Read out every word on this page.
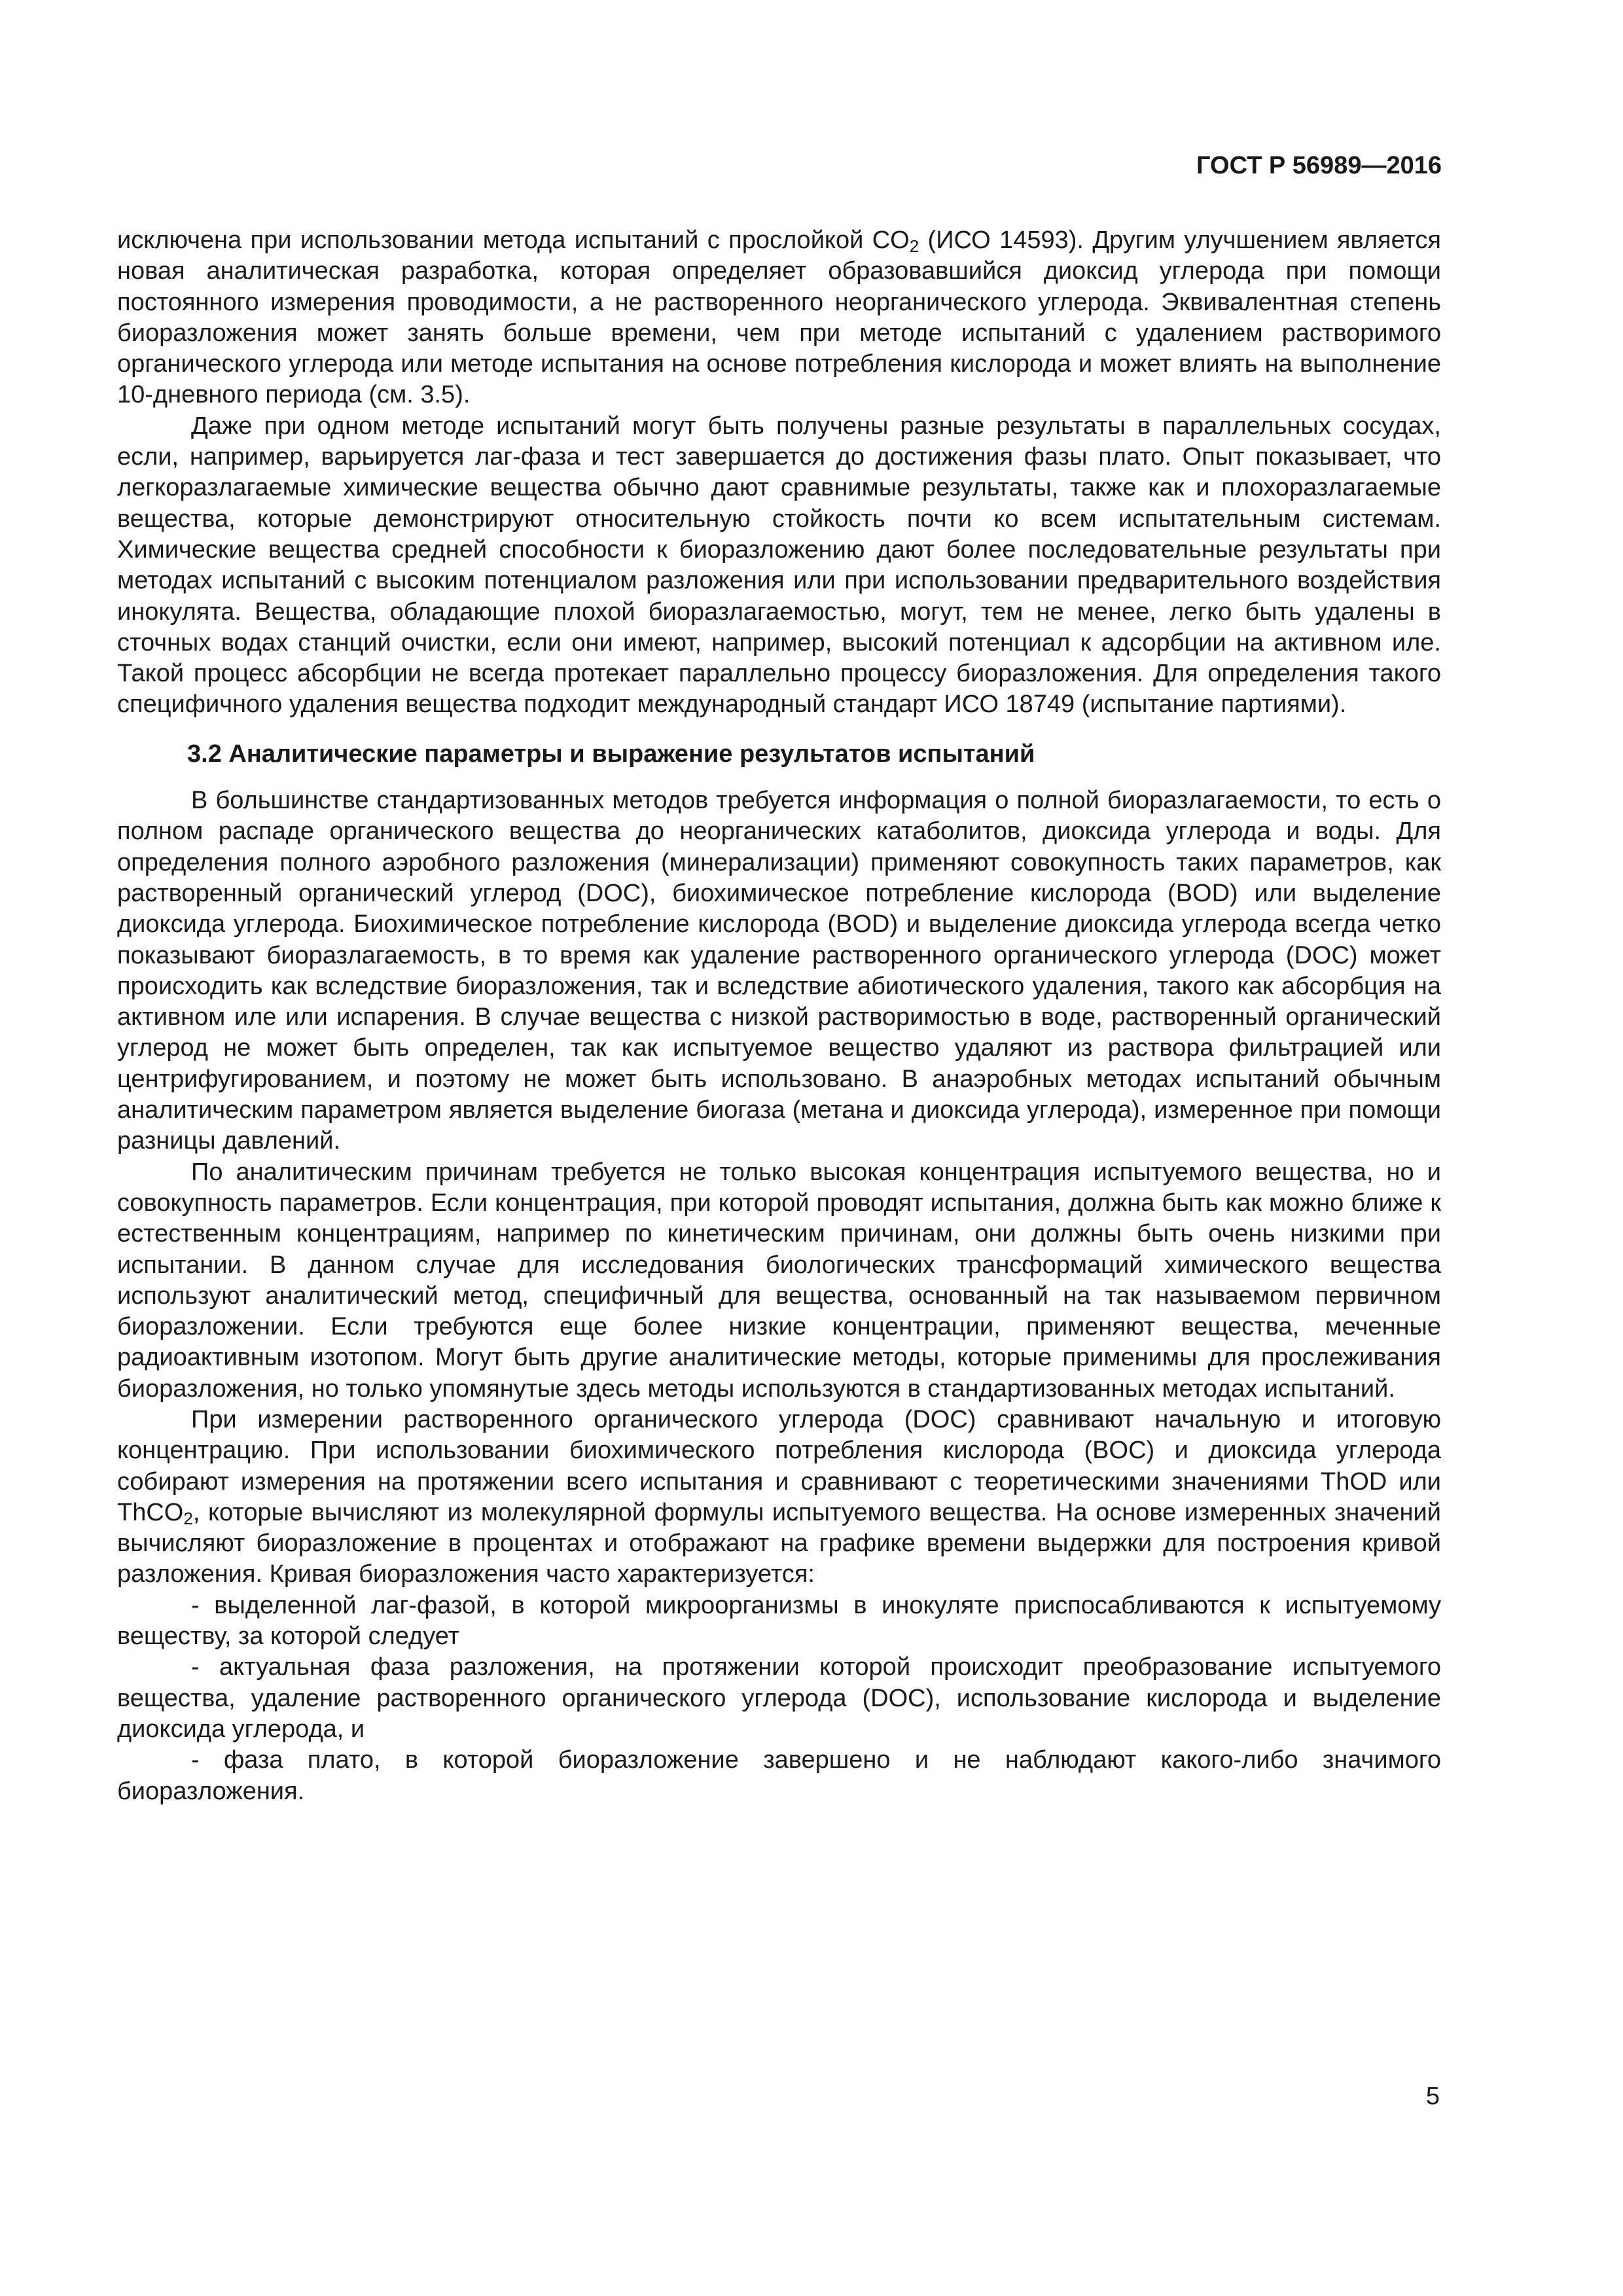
ГОСТ Р 56989—2016

исключена при использовании метода испытаний с прослойкой $CO_2$ (ИСО 14593). Другим улучшением является новая аналитическая разработка, которая определяет образовавшийся диоксид углерода при помощи постоянного измерения проводимости, а не растворенного неорганического углерода. Эквивалентная степень биоразложения может занять больше времени, чем при методе испытаний с удалением растворимого органического углерода или методе испытания на основе потребления кислорода и может влиять на выполнение 10-дневного периода (см. 3.5).

Даже при одном методе испытаний могут быть получены разные результаты в параллельных сосудах, если, например, варьируется лаг-фаза и тест завершается до достижения фазы плато. Опыт показывает, что легкоразлагаемые химические вещества обычно дают сравнимые результаты, также как и плохоразлагаемые вещества, которые демонстрируют относительную стойкость почти ко всем испытательным системам. Химические вещества средней способности к биоразложению дают более последовательные результаты при методах испытаний с высоким потенциалом разложения или при использовании предварительного воздействия инокулята. Вещества, обладающие плохой биоразлагаемостью, могут, тем не менее, легко быть удалены в сточных водах станций очистки, если они имеют, например, высокий потенциал к адсорбции на активном иле. Такой процесс абсорбции не всегда протекает параллельно процессу биоразложения. Для определения такого специфичного удаления вещества подходит международный стандарт ИСО 18749 (испытание партиями).

3.2 Аналитические параметры и выражение результатов испытаний

В большинстве стандартизованных методов требуется информация о полной биоразлагаемости, то есть о полном распаде органического вещества до неорганических катаболитов, диоксида углерода и воды. Для определения полного аэробного разложения (минерализации) применяют совокупность таких параметров, как растворенный органический углерод (DOC), биохимическое потребление кислорода (BOD) или выделение диоксида углерода. Биохимическое потребление кислорода (BOD) и выделение диоксида углерода всегда четко показывают биоразлагаемость, в то время как удаление растворенного органического углерода (DOC) может происходить как вследствие биоразложения, так и вследствие абиотического удаления, такого как абсорбция на активном иле или испарения. В случае вещества с низкой растворимостью в воде, растворенный органический углерод не может быть определен, так как испытуемое вещество удаляют из раствора фильтрацией или центрифугированием, и поэтому не может быть использовано. В анаэробных методах испытаний обычным аналитическим параметром является выделение биогаза (метана и диоксида углерода), измеренное при помощи разницы давлений.

По аналитическим причинам требуется не только высокая концентрация испытуемого вещества, но и совокупность параметров. Если концентрация, при которой проводят испытания, должна быть как можно ближе к естественным концентрациям, например по кинетическим причинам, они должны быть очень низкими при испытании. В данном случае для исследования биологических трансформаций химического вещества используют аналитический метод, специфичный для вещества, основанный на так называемом первичном биоразложении. Если требуются еще более низкие концентрации, применяют вещества, меченные радиоактивным изотопом. Могут быть другие аналитические методы, которые применимы для прослеживания биоразложения, но только упомянутые здесь методы используются в стандартизованных методах испытаний.

При измерении растворенного органического углерода (DOC) сравнивают начальную и итоговую концентрацию. При использовании биохимического потребления кислорода (BOC) и диоксида углерода собирают измерения на протяжении всего испытания и сравнивают с теоретическими значениями ThOD или ThCO$_2$, которые вычисляют из молекулярной формулы испытуемого вещества. На основе измеренных значений вычисляют биоразложение в процентах и отображают на графике времени выдержки для построения кривой разложения. Кривая биоразложения часто характеризуется:

- выделенной лаг-фазой, в которой микроорганизмы в инокуляте приспосабливаются к испытуемому веществу, за которой следует

- актуальная фаза разложения, на протяжении которой происходит преобразование испытуемого вещества, удаление растворенного органического углерода (DOC), использование кислорода и выделение диоксида углерода, и

- фаза плато, в которой биоразложение завершено и не наблюдают какого-либо значимого биоразложения.

5
